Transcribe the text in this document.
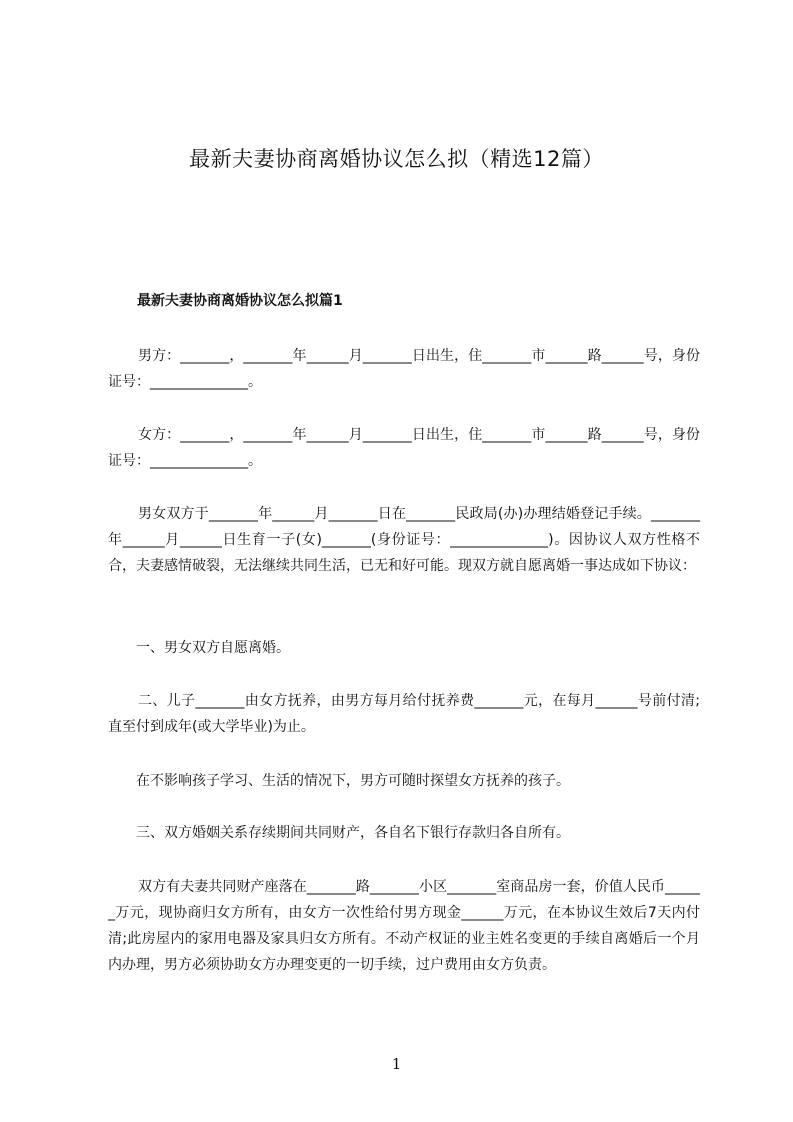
最新夫妻协商离婚协议怎么拟（精选12篇）
最新夫妻协商离婚协议怎么拟篇1

男方：_______，_______年______月_______日出生，住_______市______路______号，身份证号：______________。

女方：_______，_______年______月_______日出生，住_______市______路______号，身份证号：______________。

男女双方于_______年______月_______日在_______民政局(办)办理结婚登记手续。_______年______月______日生育一子(女)_______(身份证号：______________)。因协议人双方性格不合，夫妻感情破裂，无法继续共同生活，已无和好可能。现双方就自愿离婚一事达成如下协议：

一、男女双方自愿离婚。

二、儿子_______由女方抚养，由男方每月给付抚养费_______元，在每月______号前付清;直至付到成年(或大学毕业)为止。

在不影响孩子学习、生活的情况下，男方可随时探望女方抚养的孩子。

三、双方婚姻关系存续期间共同财产，各自名下银行存款归各自所有。

双方有夫妻共同财产座落在_______路_______小区_______室商品房一套，价值人民币______万元，现协商归女方所有，由女方一次性给付男方现金______万元，在本协议生效后7天内付清;此房屋内的家用电器及家具归女方所有。不动产权证的业主姓名变更的手续自离婚后一个月内办理，男方必须协助女方办理变更的一切手续，过户费用由女方负责。

1
